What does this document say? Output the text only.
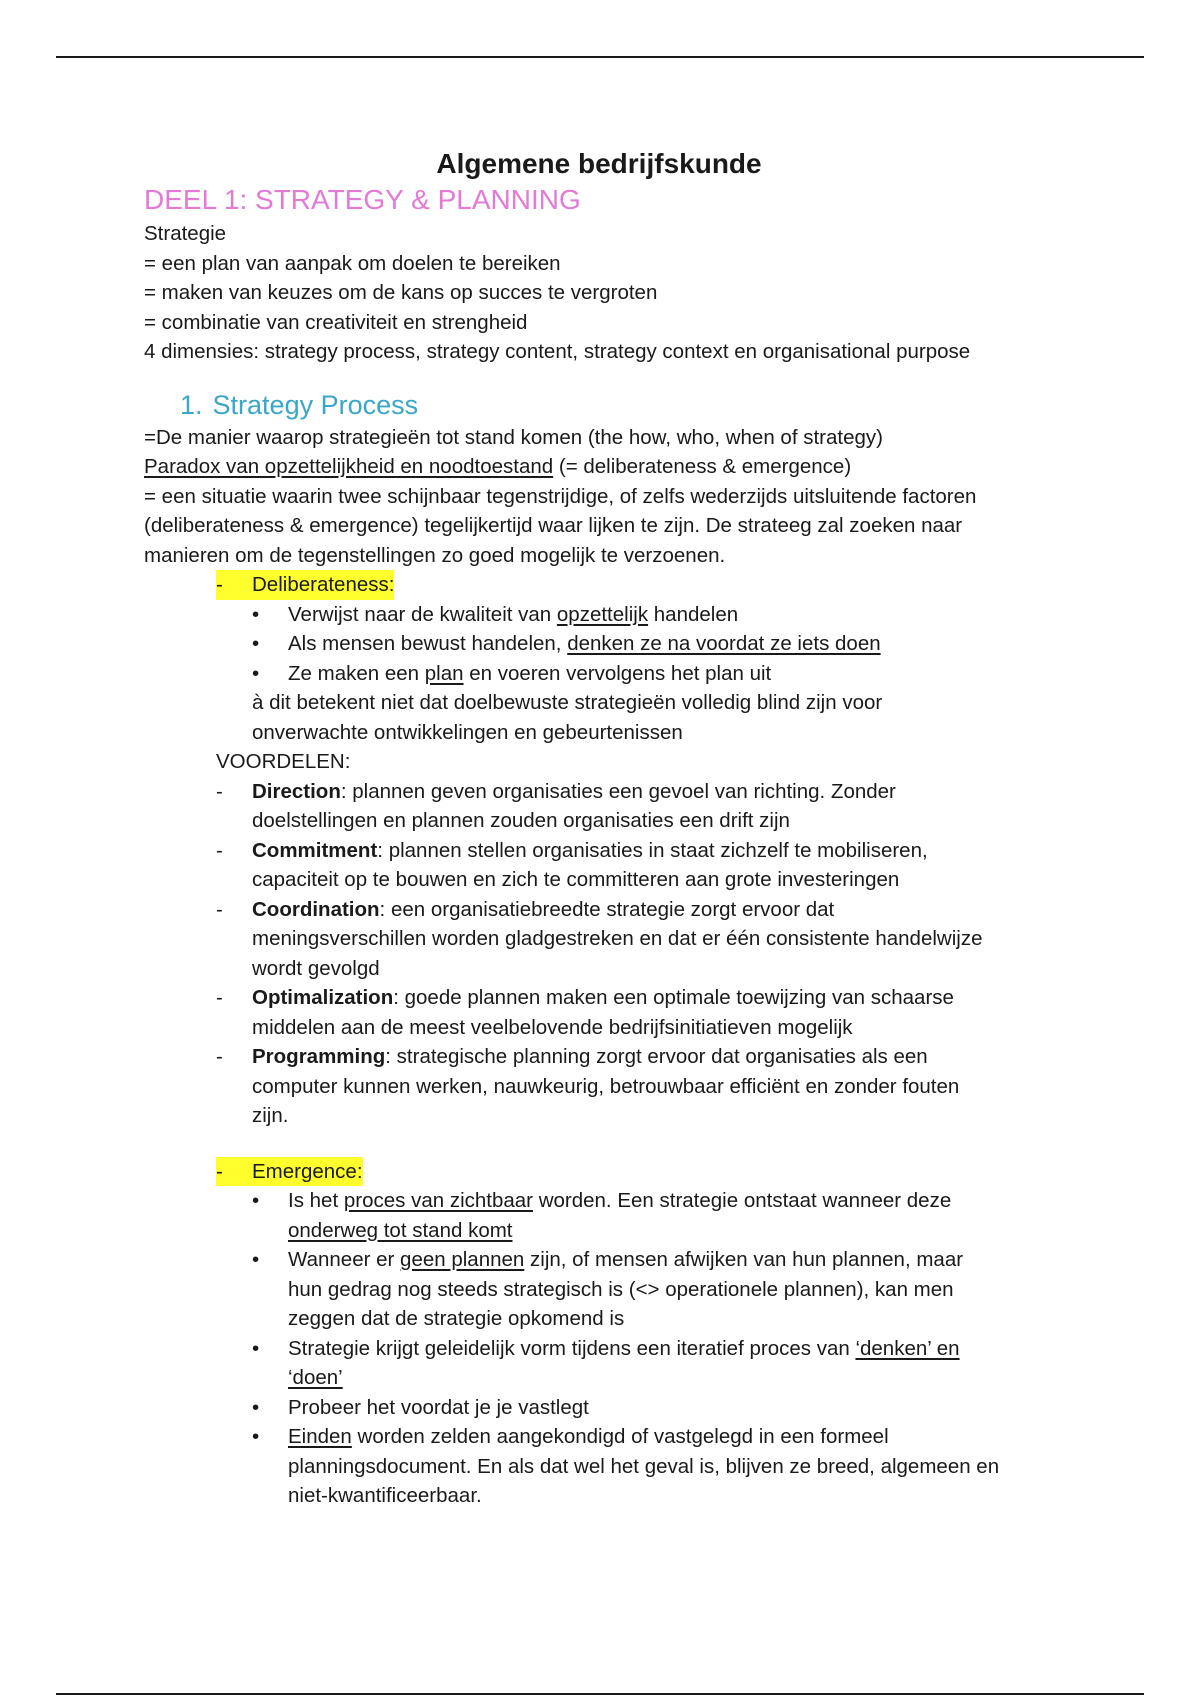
Algemene bedrijfskunde
DEEL 1: STRATEGY & PLANNING
Strategie
= een plan van aanpak om doelen te bereiken
= maken van keuzes om de kans op succes te vergroten
= combinatie van creativiteit en strengheid
4 dimensies: strategy process, strategy content, strategy context en organisational purpose
1. Strategy Process
=De manier waarop strategieën tot stand komen (the how, who, when of strategy)
Paradox van opzettelijkheid en noodtoestand (= deliberateness & emergence)
= een situatie waarin twee schijnbaar tegenstrijdige, of zelfs wederzijds uitsluitende factoren
(deliberateness & emergence) tegelijkertijd waar lijken te zijn. De strateeg zal zoeken naar
manieren om de tegenstellingen zo goed mogelijk te verzoenen.
- Deliberateness:
•	Verwijst naar de kwaliteit van opzettelijk handelen
•	Als mensen bewust handelen, denken ze na voordat ze iets doen
•	Ze maken een plan en voeren vervolgens het plan uit
à dit betekent niet dat doelbewuste strategieën volledig blind zijn voor
onverwachte ontwikkelingen en gebeurtenissen
VOORDELEN:
- Direction: plannen geven organisaties een gevoel van richting. Zonder
doelstellingen en plannen zouden organisaties een drift zijn
- Commitment: plannen stellen organisaties in staat zichzelf te mobiliseren,
capaciteit op te bouwen en zich te committeren aan grote investeringen
- Coordination: een organisatiebreedte strategie zorgt ervoor dat
meningsverschillen worden gladgestreken en dat er één consistente handelwijze
wordt gevolgd
- Optimalization: goede plannen maken een optimale toewijzing van schaarse
middelen aan de meest veelbelovende bedrijfsinitiatieven mogelijk
- Programming: strategische planning zorgt ervoor dat organisaties als een
computer kunnen werken, nauwkeurig, betrouwbaar efficiënt en zonder fouten
zijn.
- Emergence:
•	Is het proces van zichtbaar worden. Een strategie ontstaat wanneer deze
onderweg tot stand komt
•	Wanneer er geen plannen zijn, of mensen afwijken van hun plannen, maar
hun gedrag nog steeds strategisch is (<> operationele plannen), kan men
zeggen dat de strategie opkomend is
•	Strategie krijgt geleidelijk vorm tijdens een iteratief proces van ‘denken’ en
‘doen’
•	Probeer het voordat je je vastlegt
•	Einden worden zelden aangekondigd of vastgelegd in een formeel
planningsdocument. En als dat wel het geval is, blijven ze breed, algemeen en
niet-kwantificeerbaar.
